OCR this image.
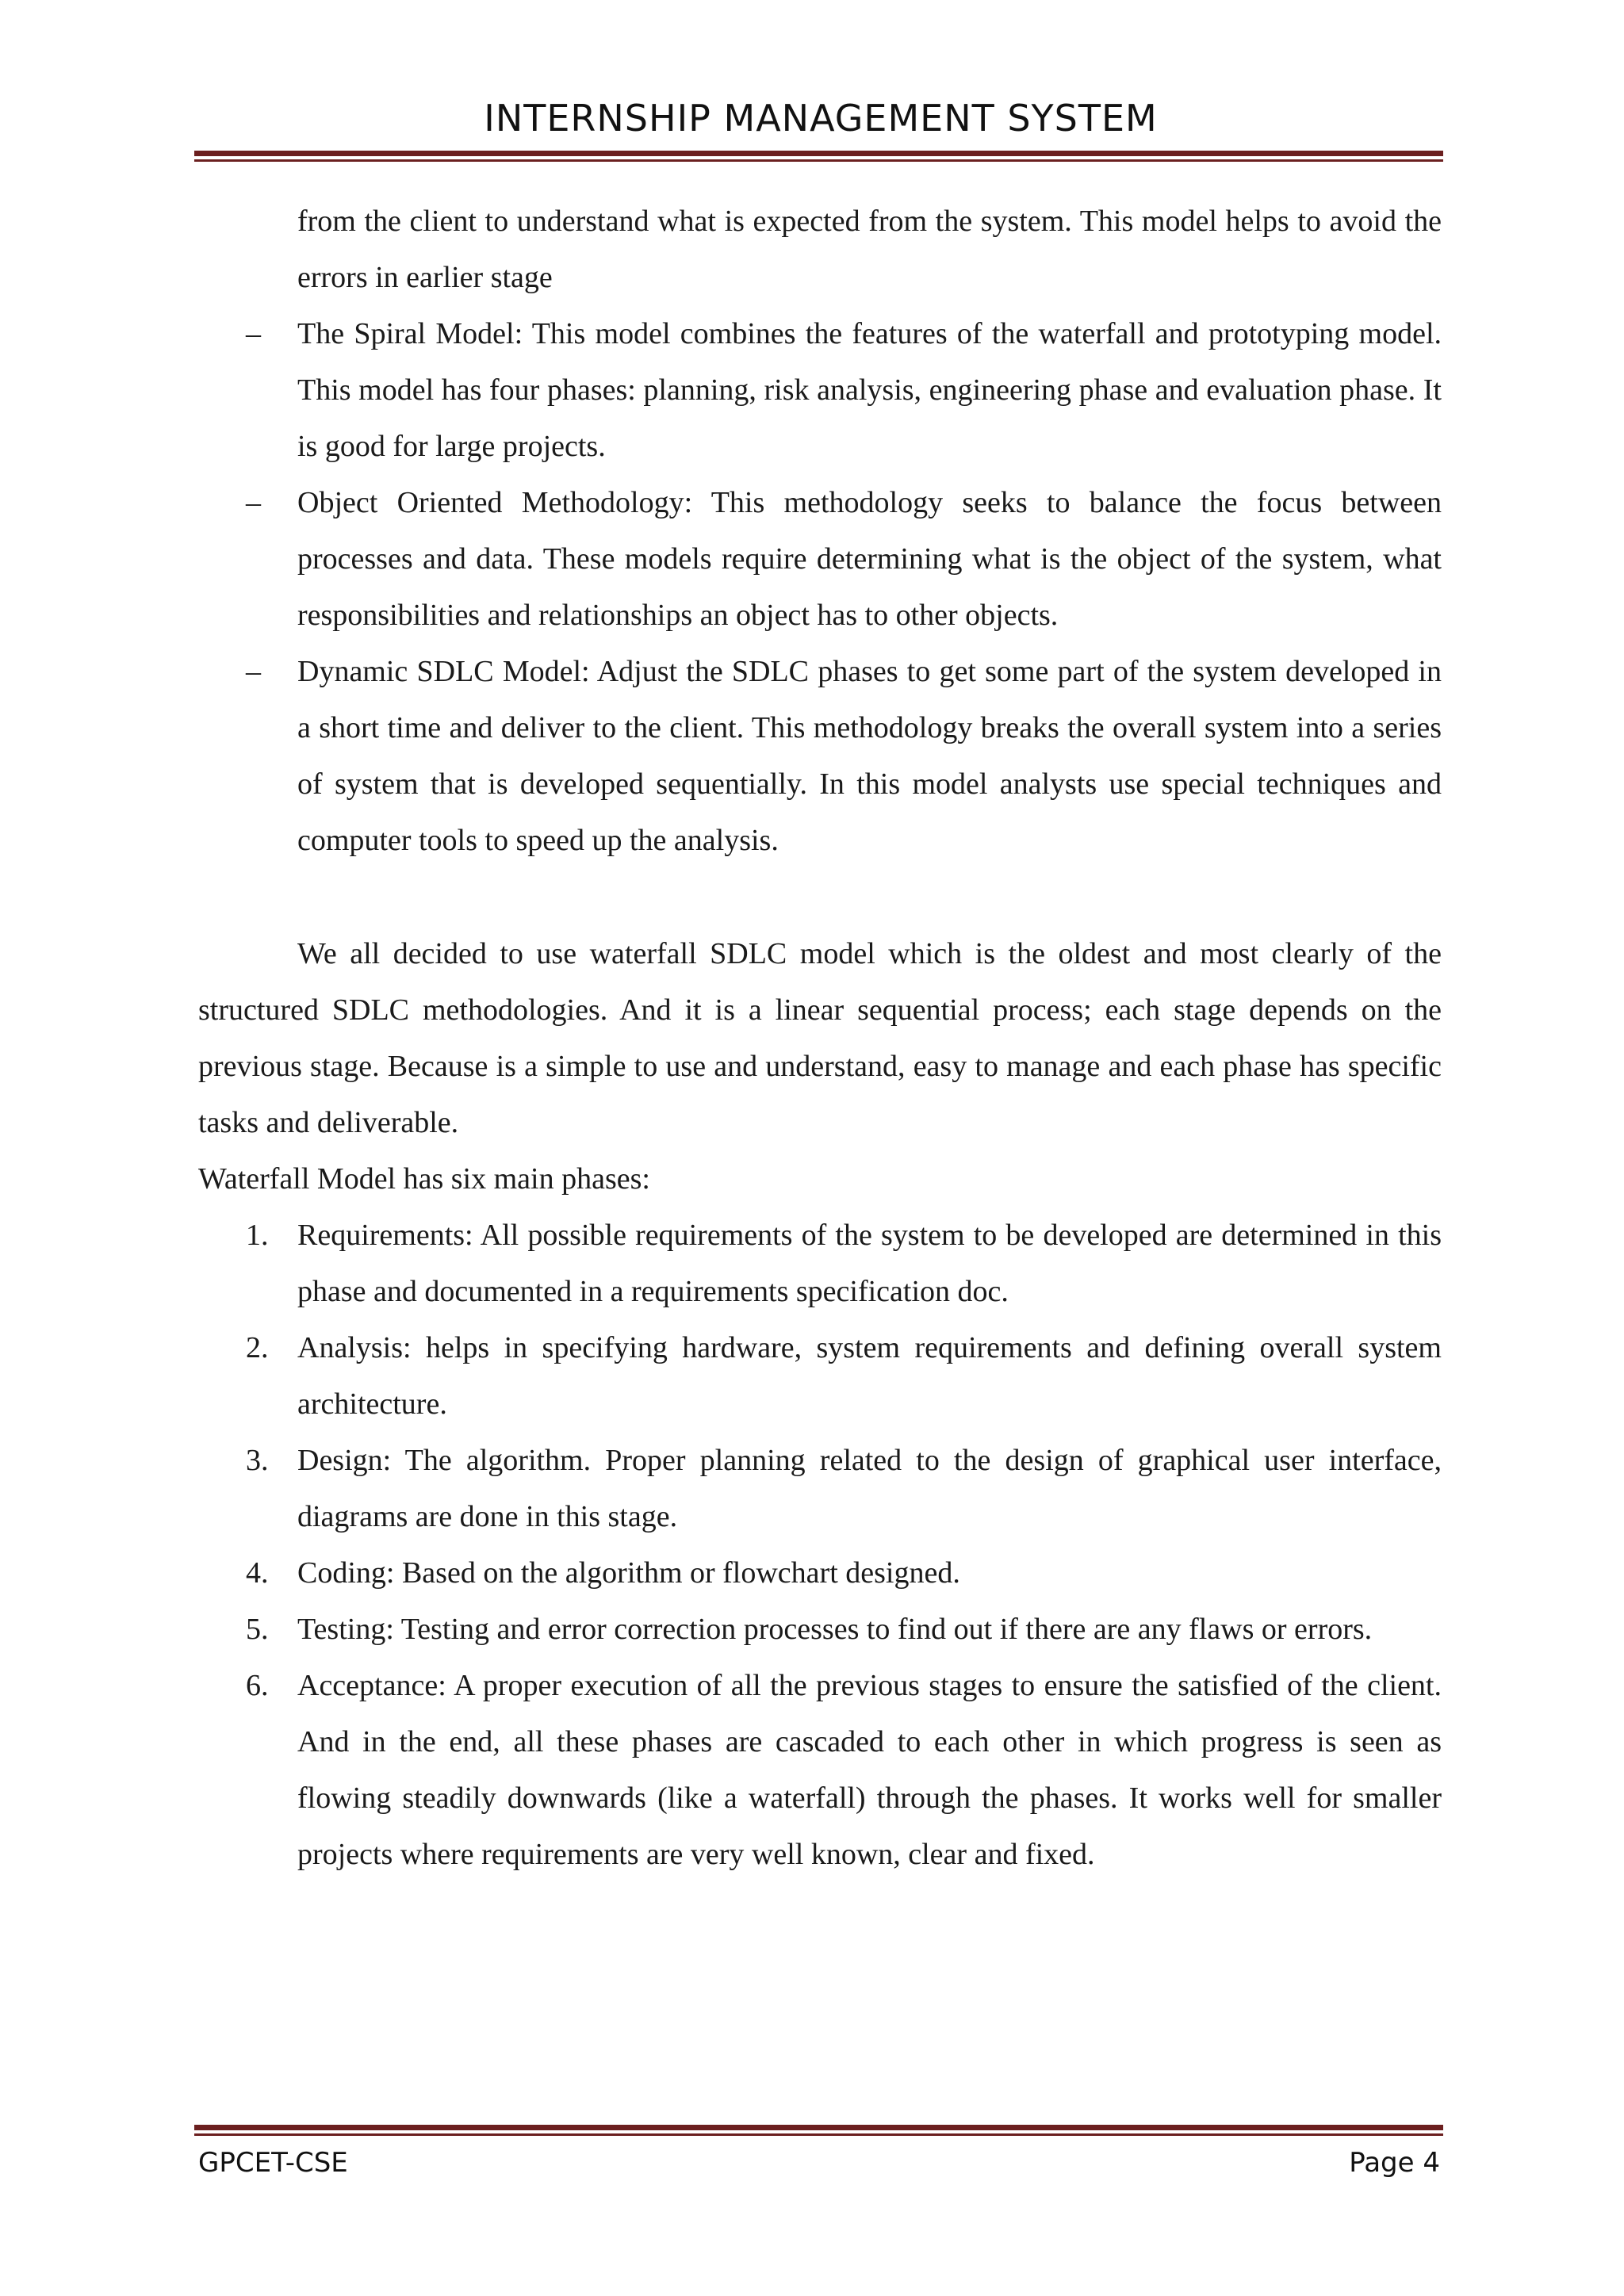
INTERNSHIP MANAGEMENT SYSTEM

from the client to understand what is expected from the system. This model helps to avoid the errors in earlier stage

– The Spiral Model: This model combines the features of the waterfall and prototyping model. This model has four phases: planning, risk analysis, engineering phase and evaluation phase. It is good for large projects.
– Object Oriented Methodology: This methodology seeks to balance the focus between processes and data. These models require determining what is the object of the system, what responsibilities and relationships an object has to other objects.
– Dynamic SDLC Model: Adjust the SDLC phases to get some part of the system developed in a short time and deliver to the client. This methodology breaks the overall system into a series of system that is developed sequentially. In this model analysts use special techniques and computer tools to speed up the analysis.

We all decided to use waterfall SDLC model which is the oldest and most clearly of the structured SDLC methodologies. And it is a linear sequential process; each stage depends on the previous stage. Because is a simple to use and understand, easy to manage and each phase has specific tasks and deliverable.

Waterfall Model has six main phases:

1. Requirements: All possible requirements of the system to be developed are determined in this phase and documented in a requirements specification doc.
2. Analysis: helps in specifying hardware, system requirements and defining overall system architecture.
3. Design: The algorithm. Proper planning related to the design of graphical user interface, diagrams are done in this stage.
4. Coding: Based on the algorithm or flowchart designed.
5. Testing: Testing and error correction processes to find out if there are any flaws or errors.
6. Acceptance: A proper execution of all the previous stages to ensure the satisfied of the client. And in the end, all these phases are cascaded to each other in which progress is seen as flowing steadily downwards (like a waterfall) through the phases. It works well for smaller projects where requirements are very well known, clear and fixed.
GPCET-CSE	Page 4
